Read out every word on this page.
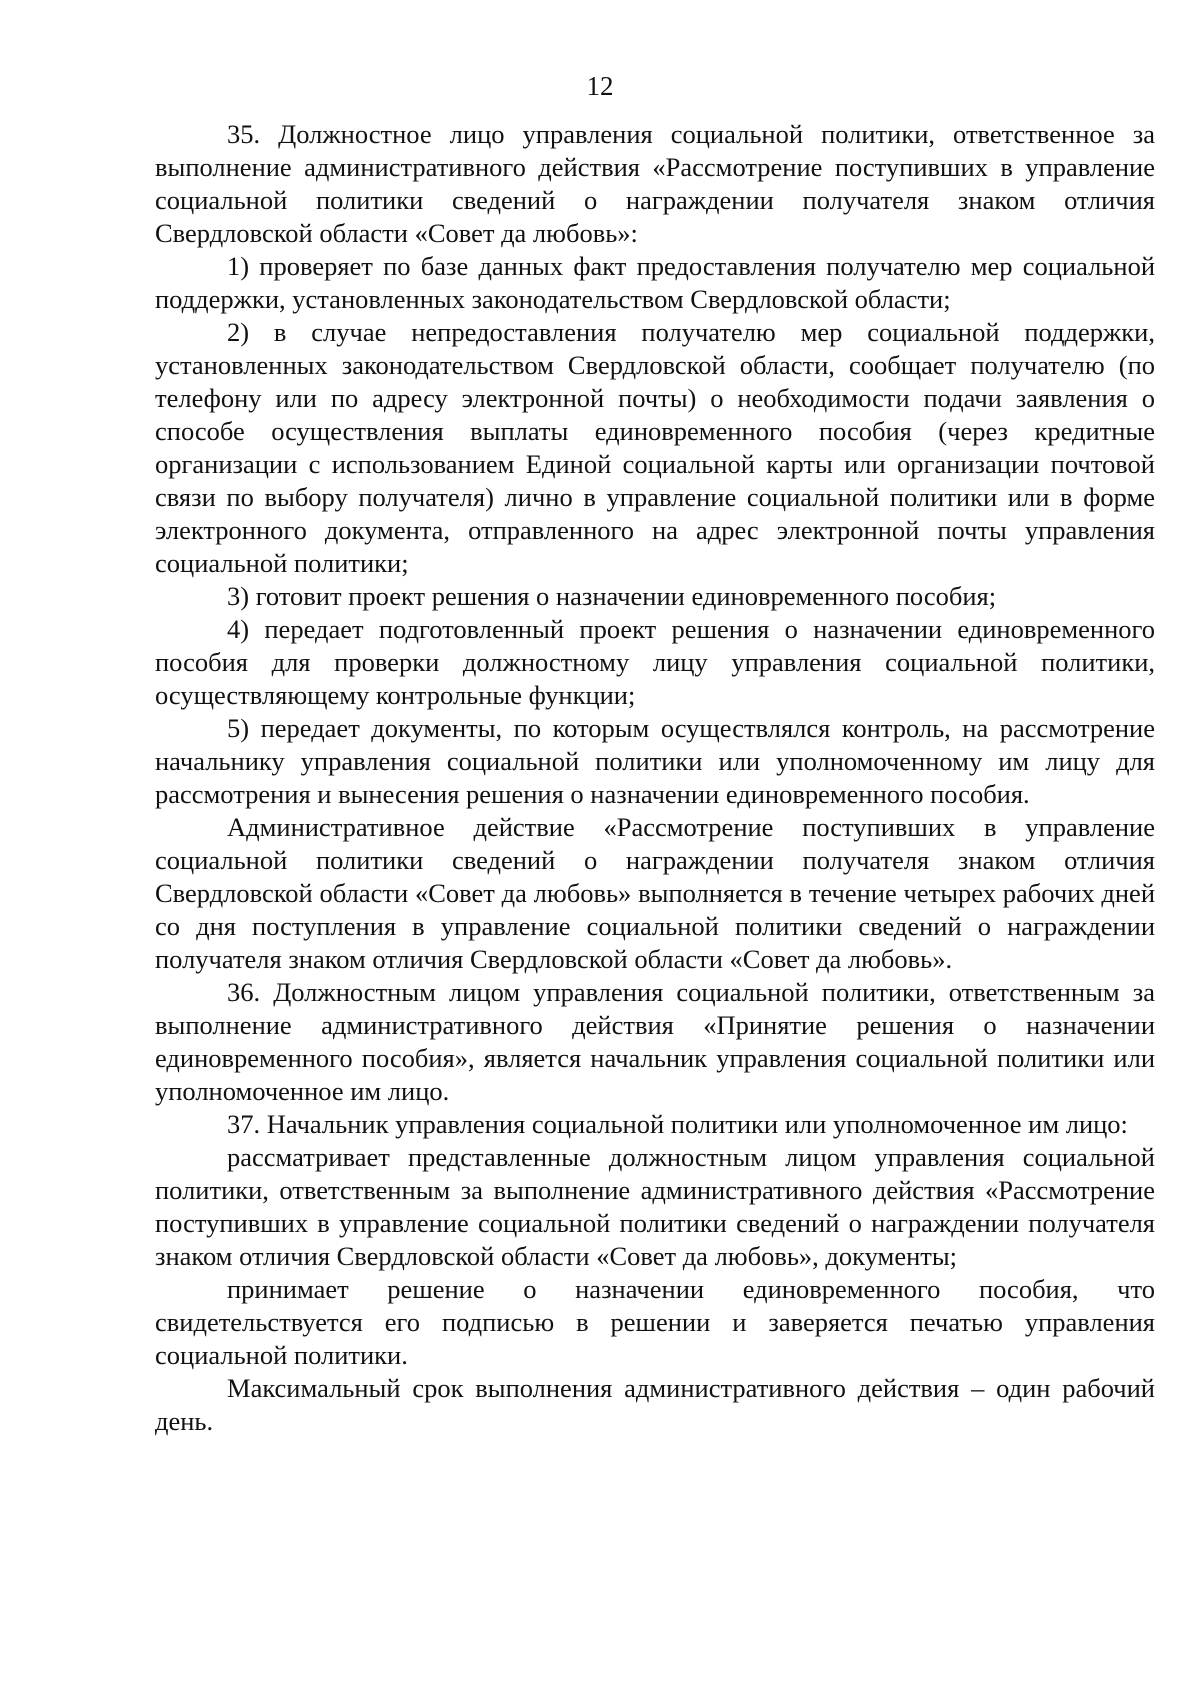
12

35. Должностное лицо управления социальной политики, ответственное за выполнение административного действия «Рассмотрение поступивших в управление социальной политики сведений о награждении получателя знаком отличия Свердловской области «Совет да любовь»:

1) проверяет по базе данных факт предоставления получателю мер социальной поддержки, установленных законодательством Свердловской области;

2) в случае непредоставления получателю мер социальной поддержки, установленных законодательством Свердловской области, сообщает получателю (по телефону или по адресу электронной почты) о необходимости подачи заявления о способе осуществления выплаты единовременного пособия (через кредитные организации с использованием Единой социальной карты или организации почтовой связи по выбору получателя) лично в управление социальной политики или в форме электронного документа, отправленного на адрес электронной почты управления социальной политики;

3) готовит проект решения о назначении единовременного пособия;

4) передает подготовленный проект решения о назначении единовременного пособия для проверки должностному лицу управления социальной политики, осуществляющему контрольные функции;

5) передает документы, по которым осуществлялся контроль, на рассмотрение начальнику управления социальной политики или уполномоченному им лицу для рассмотрения и вынесения решения о назначении единовременного пособия.

Административное действие «Рассмотрение поступивших в управление социальной политики сведений о награждении получателя знаком отличия Свердловской области «Совет да любовь» выполняется в течение четырех рабочих дней со дня поступления в управление социальной политики сведений о награждении получателя знаком отличия Свердловской области «Совет да любовь».

36. Должностным лицом управления социальной политики, ответственным за выполнение административного действия «Принятие решения о назначении единовременного пособия», является начальник управления социальной политики или уполномоченное им лицо.

37. Начальник управления социальной политики или уполномоченное им лицо:

рассматривает представленные должностным лицом управления социальной политики, ответственным за выполнение административного действия «Рассмотрение поступивших в управление социальной политики сведений о награждении получателя знаком отличия Свердловской области «Совет да любовь», документы;

принимает решение о назначении единовременного пособия, что свидетельствуется его подписью в решении и заверяется печатью управления социальной политики.

Максимальный срок выполнения административного действия – один рабочий день.
